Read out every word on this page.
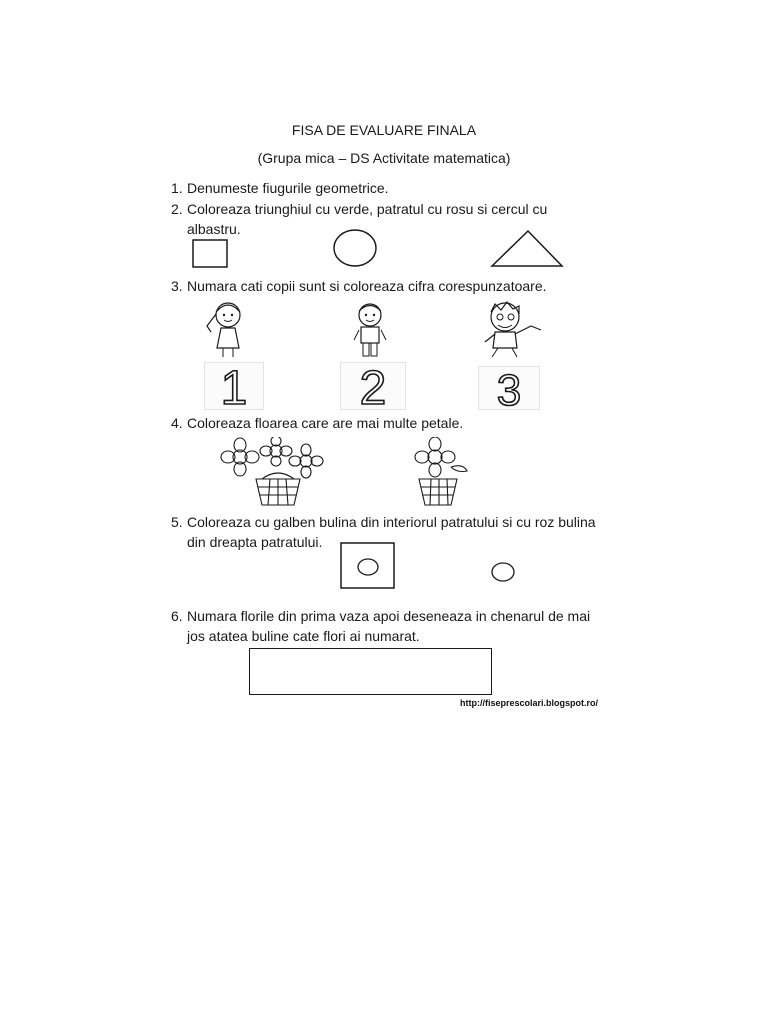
FISA DE EVALUARE FINALA
(Grupa mica – DS Activitate matematica)
1. Denumeste fiugurile geometrice.
2. Coloreaza triunghiul cu verde, patratul cu rosu si cercul cu
albastru.
3. Numara cati copii sunt si coloreaza cifra corespunzatoare.
1 2	3
4. Coloreaza floarea care are mai multe petale.
5. Coloreaza cu galben bulina din interiorul patratului si cu roz bulina
din dreapta patratului.
6. Numara florile din prima vaza apoi deseneaza in chenarul de mai
jos atatea buline cate flori ai numarat.
http://fiseprescolari.blogspot.ro/
